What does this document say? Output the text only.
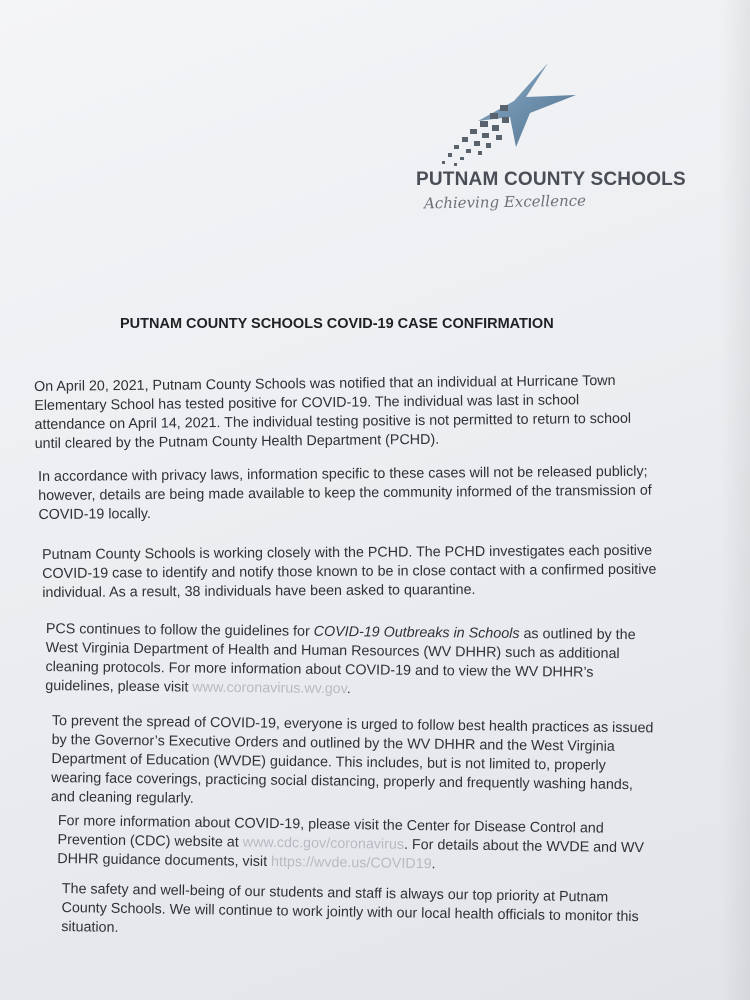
PUTNAM COUNTY SCHOOLS
Achieving Excellence
PUTNAM COUNTY SCHOOLS COVID-19 CASE CONFIRMATION
On April 20, 2021, Putnam County Schools was notified that an individual at Hurricane Town Elementary School has tested positive for COVID-19. The individual was last in school attendance on April 14, 2021. The individual testing positive is not permitted to return to school until cleared by the Putnam County Health Department (PCHD).
In accordance with privacy laws, information specific to these cases will not be released publicly; however, details are being made available to keep the community informed of the transmission of COVID-19 locally.
Putnam County Schools is working closely with the PCHD. The PCHD investigates each positive COVID-19 case to identify and notify those known to be in close contact with a confirmed positive individual. As a result, 38 individuals have been asked to quarantine.
PCS continues to follow the guidelines for COVID-19 Outbreaks in Schools as outlined by the West Virginia Department of Health and Human Resources (WV DHHR) such as additional cleaning protocols. For more information about COVID-19 and to view the WV DHHR’s guidelines, please visit www.coronavirus.wv.gov.
To prevent the spread of COVID-19, everyone is urged to follow best health practices as issued by the Governor’s Executive Orders and outlined by the WV DHHR and the West Virginia Department of Education (WVDE) guidance. This includes, but is not limited to, properly wearing face coverings, practicing social distancing, properly and frequently washing hands, and cleaning regularly.
For more information about COVID-19, please visit the Center for Disease Control and Prevention (CDC) website at www.cdc.gov/coronavirus. For details about the WVDE and WV DHHR guidance documents, visit https://wvde.us/COVID19.
The safety and well-being of our students and staff is always our top priority at Putnam County Schools. We will continue to work jointly with our local health officials to monitor this situation.
